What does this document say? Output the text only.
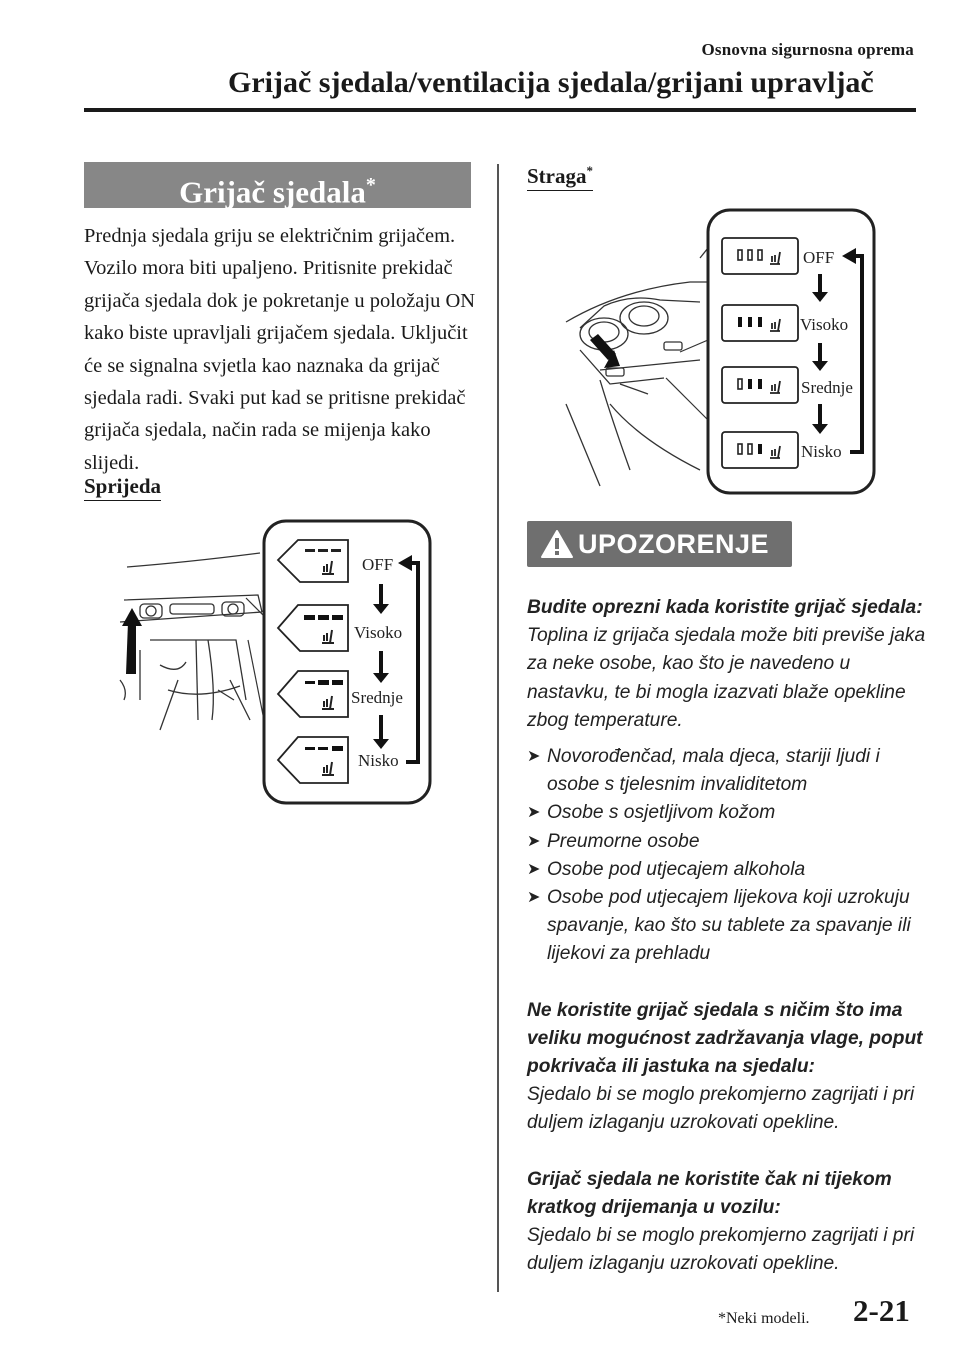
Osnovna sigurnosna oprema
Grijač sjedala/ventilacija sjedala/grijani upravljač
Grijač sjedala*
Prednja sjedala griju se električnim grijačem. Vozilo mora biti upaljeno. Pritisnite prekidač grijača sjedala dok je pokretanje u položaju ON kako biste upravljali grijačem sjedala. Uključit će se signalna svjetla kao naznaka da grijač sjedala radi. Svaki put kad se pritisne prekidač grijača sjedala, način rada se mijenja kako slijedi.
Sprijeda
OFF
Visoko
Srednje
Nisko
Straga*
OFF
Visoko
Srednje
Nisko
UPOZORENJE

Budite oprezni kada koristite grijač sjedala:

Toplina iz grijača sjedala može biti previše jaka za neke osobe, kao što je navedeno u nastavku, te bi mogla izazvati blaže opekline zbog temperature.

➤ Novorođenčad, mala djeca, stariji ljudi i osobe s tjelesnim invaliditetom
➤ Osobe s osjetljivom kožom
➤ Preumorne osobe
➤ Osobe pod utjecajem alkohola
➤ Osobe pod utjecajem lijekova koji uzrokuju spavanje, kao što su tablete za spavanje ili lijekovi za prehladu

Ne koristite grijač sjedala s ničim što ima veliku mogućnost zadržavanja vlage, poput pokrivača ili jastuka na sjedalu:

Sjedalo bi se moglo prekomjerno zagrijati i pri duljem izlaganju uzrokovati opekline.

Grijač sjedala ne koristite čak ni tijekom kratkog drijemanja u vozilu:

Sjedalo bi se moglo prekomjerno zagrijati i pri duljem izlaganju uzrokovati opekline.

*Neki modeli. 2-21
